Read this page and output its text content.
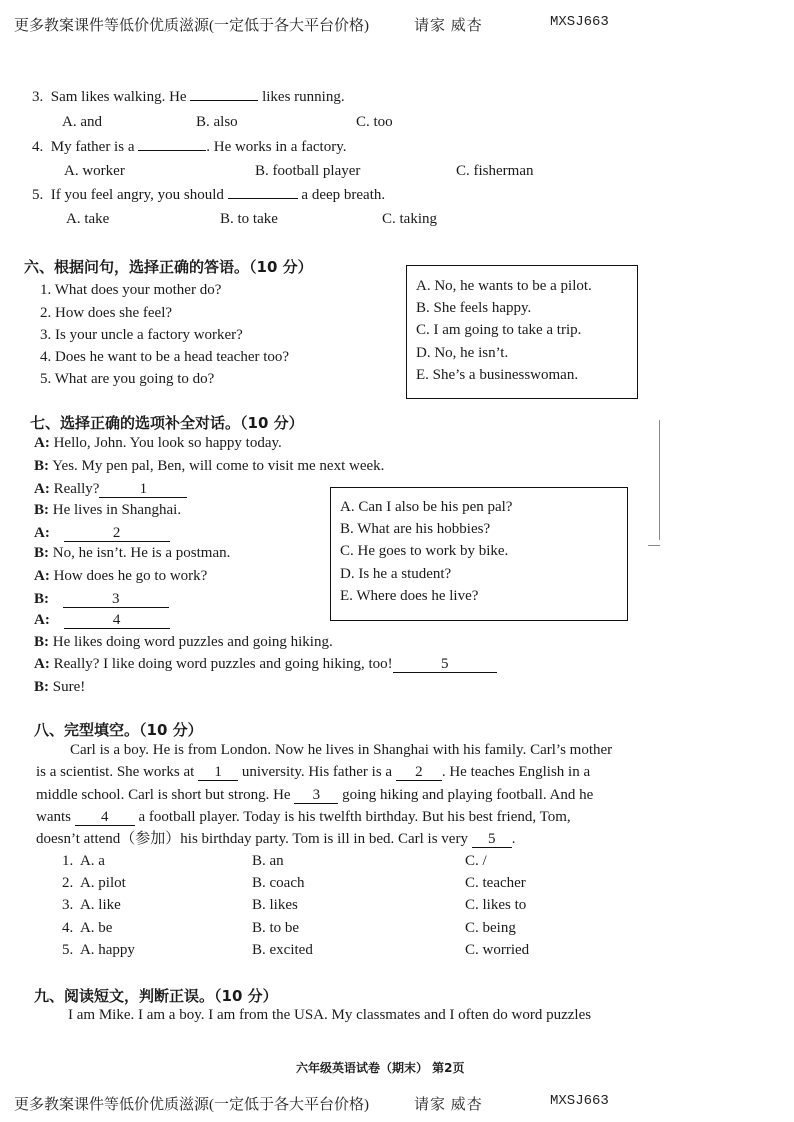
更多教案课件等低价优质滋源(一定低于各大平台价格)	请家 威杏	MXSJ663
3. Sam likes walking. He	likes running.
A. and	B. also	C. too
4. My father is a	. He works in a factory.
A. worker	B. football player	C. fisherman
5. If you feel angry, you should	a deep breath.
A. take	B. to take	C. taking
六、根据问句，选择正确的答语。（10 分）
1. What does your mother do?
2. How does she feel?
3. Is your uncle a factory worker?
4. Does he want to be a head teacher too?
5. What are you going to do?
A. No, he wants to be a pilot.
B. She feels happy.
C. I am going to take a trip.
D. No, he isn’t.
E. She’s a businesswoman.
七、选择正确的选项补全对话。（10 分）
A: Hello, John. You look so happy today.
B: Yes. My pen pal, Ben, will come to visit me next week.
A: Really?	1
B: He lives in Shanghai.
A:	2
B: No, he isn’t. He is a postman.
A: How does he go to work?
B:	3
A:	4
B: He likes doing word puzzles and going hiking.
A: Really? I like doing word puzzles and going hiking, too!	5
B: Sure!
A. Can I also be his pen pal?
B. What are his hobbies?
C. He goes to work by bike.
D. Is he a student?
E. Where does he live?
八、完型填空。（10 分）
Carl is a boy. He is from London. Now he lives in Shanghai with his family. Carl’s mother
is a scientist. She works at 1 university. His father is a 2 . He teaches English in a
middle school. Carl is short but strong. He 3 going hiking and playing football. And he
wants 4 a football player. Today is his twelfth birthday. But his best friend, Tom,
doesn’t attend（参加）his birthday party. Tom is ill in bed. Carl is very 5 .
1. A. a	B. an	C. /
2. A. pilot	B. coach	C. teacher
3. A. like	B. likes	C. likes to
4. A. be	B. to be	C. being
5. A. happy	B. excited	C. worried
九、阅读短文，判断正误。（10 分）
I am Mike. I am a boy. I am from the USA. My classmates and I often do word puzzles
六年级英语试卷（期末） 第2页
更多教案课件等低价优质滋源(一定低于各大平台价格)	请家 威杏	MXSJ663
